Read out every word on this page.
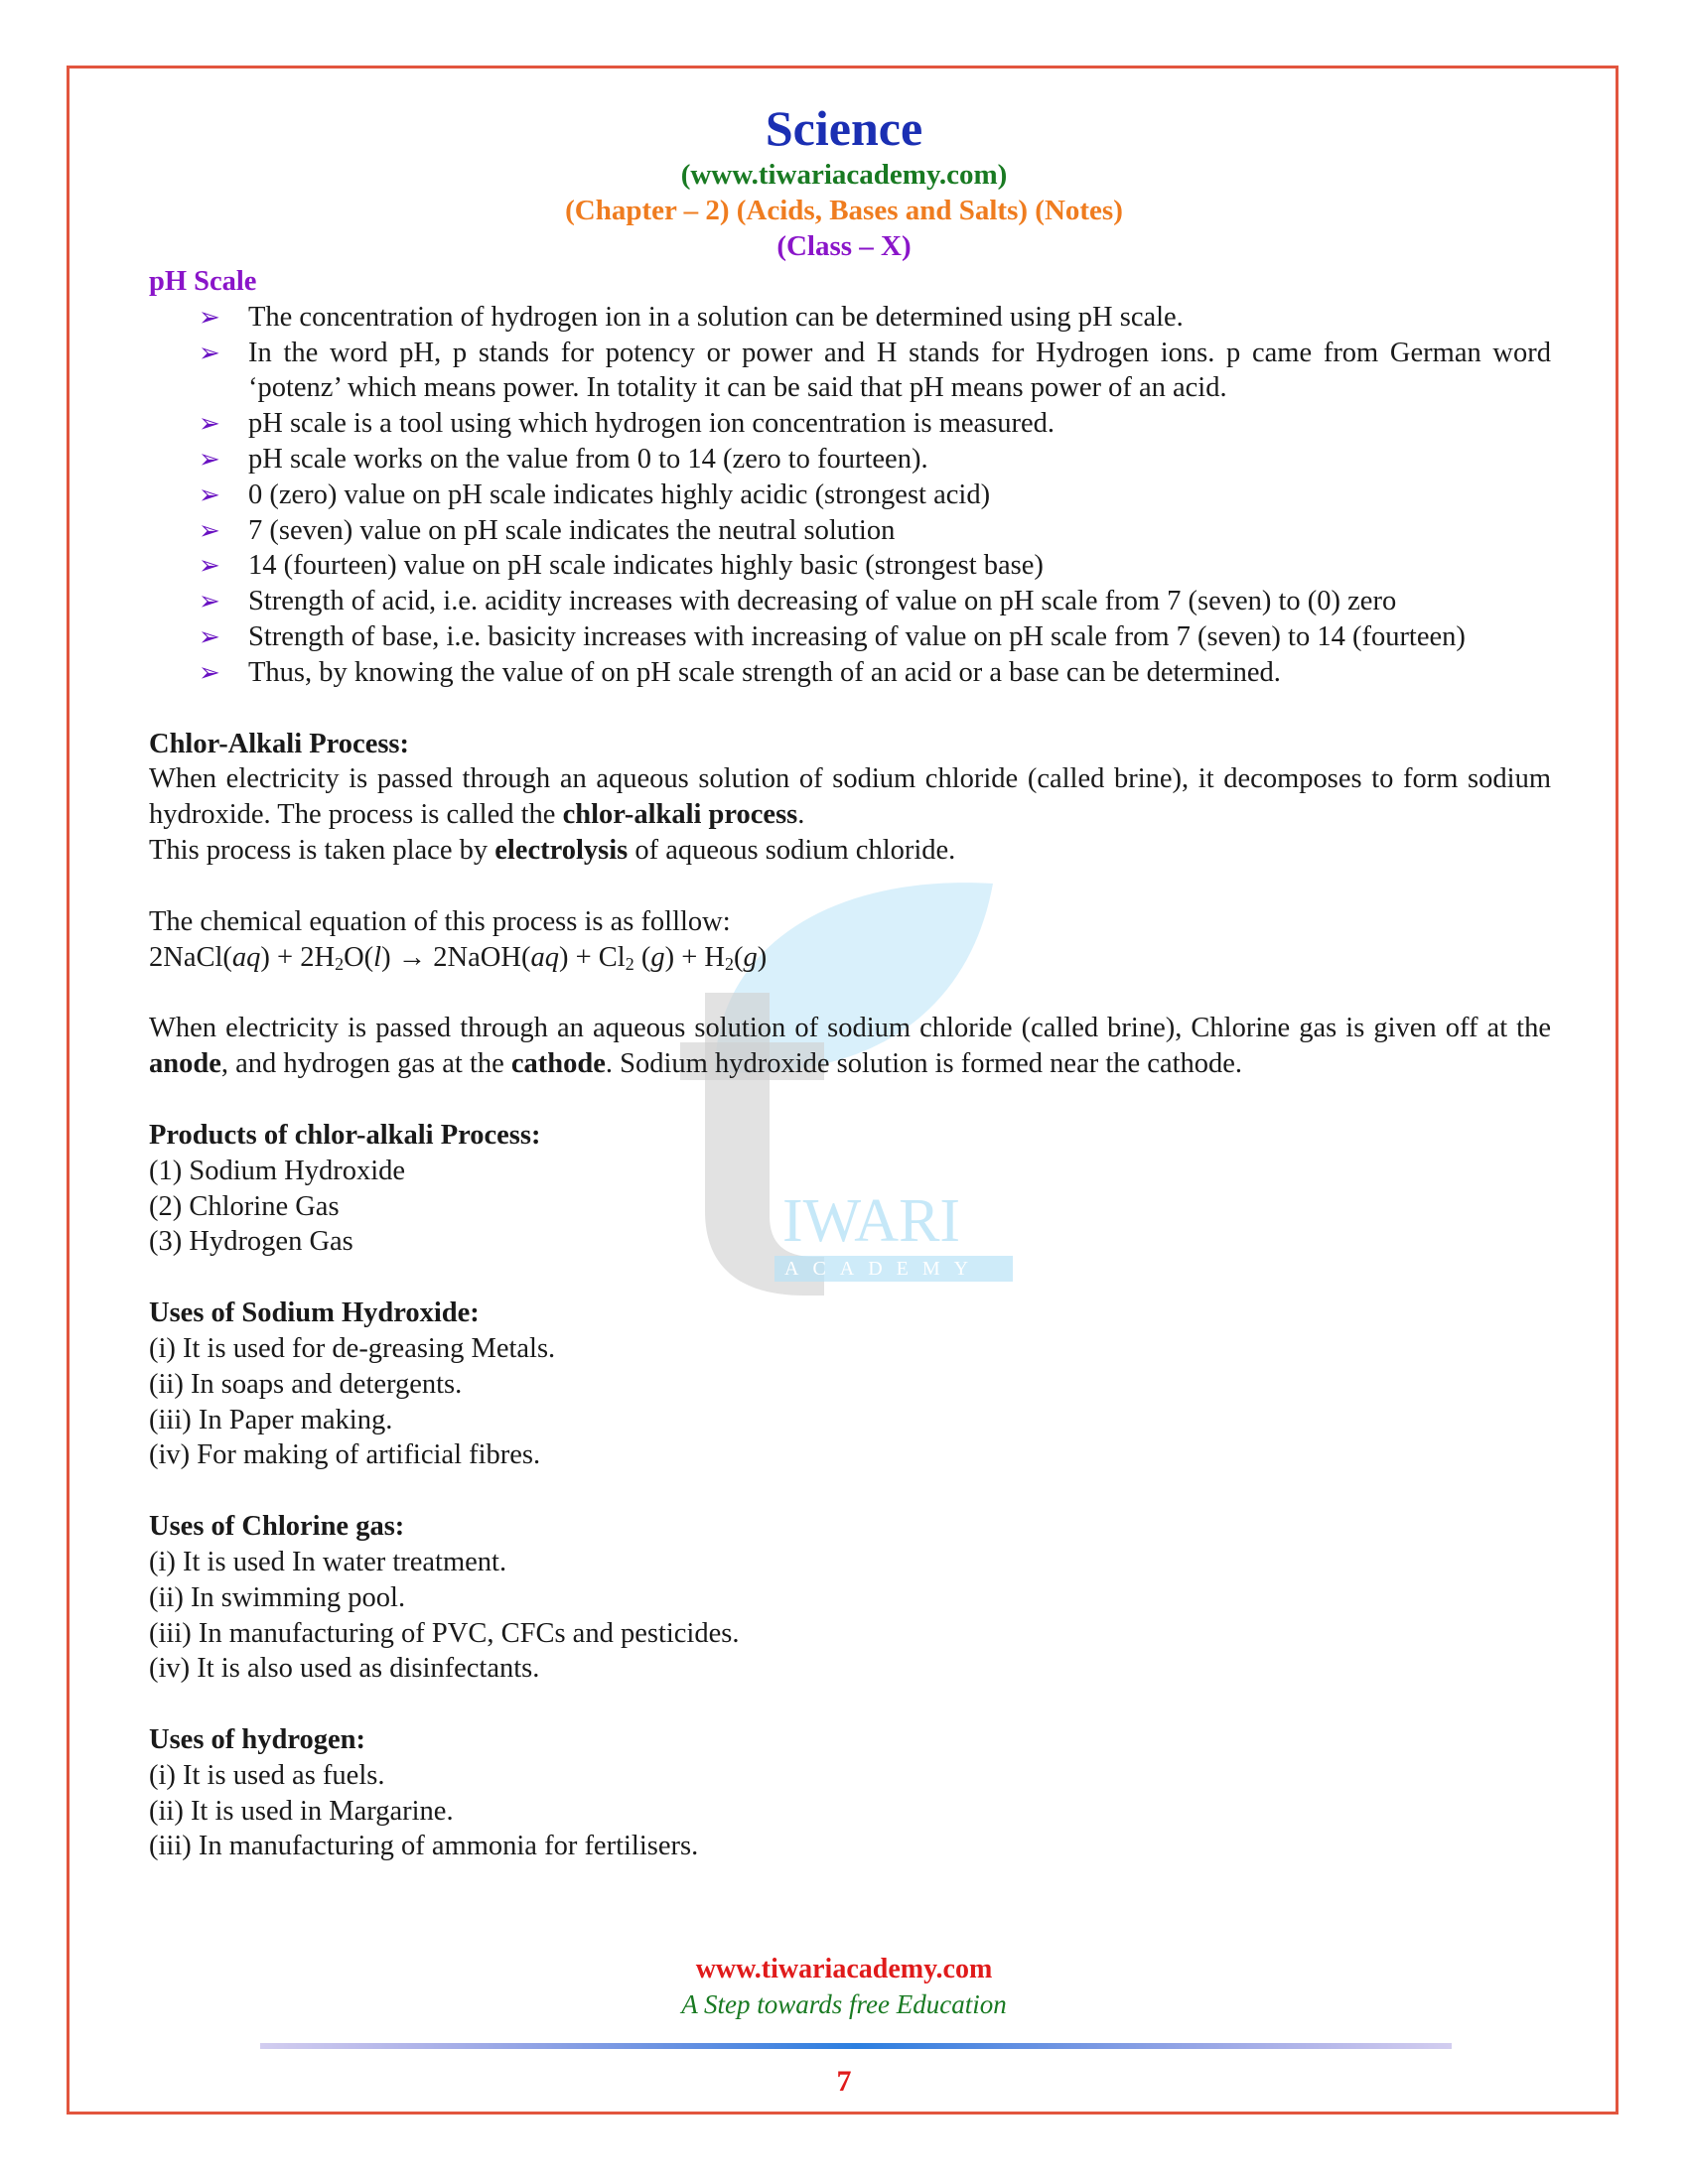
IWARI
ACADEMY
Science
(www.tiwariacademy.com)
(Chapter – 2) (Acids, Bases and Salts) (Notes)
(Class – X)

pH Scale

➢ The concentration of hydrogen ion in a solution can be determined using pH scale.
➢ In the word pH, p stands for potency or power and H stands for Hydrogen ions. p came from German word ‘potenz’ which means power. In totality it can be said that pH means power of an acid.
➢ pH scale is a tool using which hydrogen ion concentration is measured.
➢ pH scale works on the value from 0 to 14 (zero to fourteen).
➢ 0 (zero) value on pH scale indicates highly acidic (strongest acid)
➢ 7 (seven) value on pH scale indicates the neutral solution
➢ 14 (fourteen) value on pH scale indicates highly basic (strongest base)
➢ Strength of acid, i.e. acidity increases with decreasing of value on pH scale from 7 (seven) to (0) zero
➢ Strength of base, i.e. basicity increases with increasing of value on pH scale from 7 (seven) to 14 (fourteen)
➢ Thus, by knowing the value of on pH scale strength of an acid or a base can be determined.

Chlor-Alkali Process:

When electricity is passed through an aqueous solution of sodium chloride (called brine), it decomposes to form sodium hydroxide. The process is called the chlor-alkali process.

This process is taken place by electrolysis of aqueous sodium chloride.

The chemical equation of this process is as folllow:

2NaCl(aq) + $2H_2O(l)$ → 2NaOH(aq) + $Cl_2$ $(g) + H_2(g)$

When electricity is passed through an aqueous solution of sodium chloride (called brine), Chlorine gas is given off at the anode, and hydrogen gas at the cathode. Sodium hydroxide solution is formed near the cathode.

Products of chlor-alkali Process:

(1) Sodium Hydroxide

(2) Chlorine Gas

(3) Hydrogen Gas

Uses of Sodium Hydroxide:

(i) It is used for de-greasing Metals.

(ii) In soaps and detergents.

(iii) In Paper making.

(iv) For making of artificial fibres.

Uses of Chlorine gas:

(i) It is used In water treatment.

(ii) In swimming pool.

(iii) In manufacturing of PVC, CFCs and pesticides.

(iv) It is also used as disinfectants.

Uses of hydrogen:

(i) It is used as fuels.

(ii) It is used in Margarine.

(iii) In manufacturing of ammonia for fertilisers.

www.tiwariacademy.com
A Step towards free Education
7
